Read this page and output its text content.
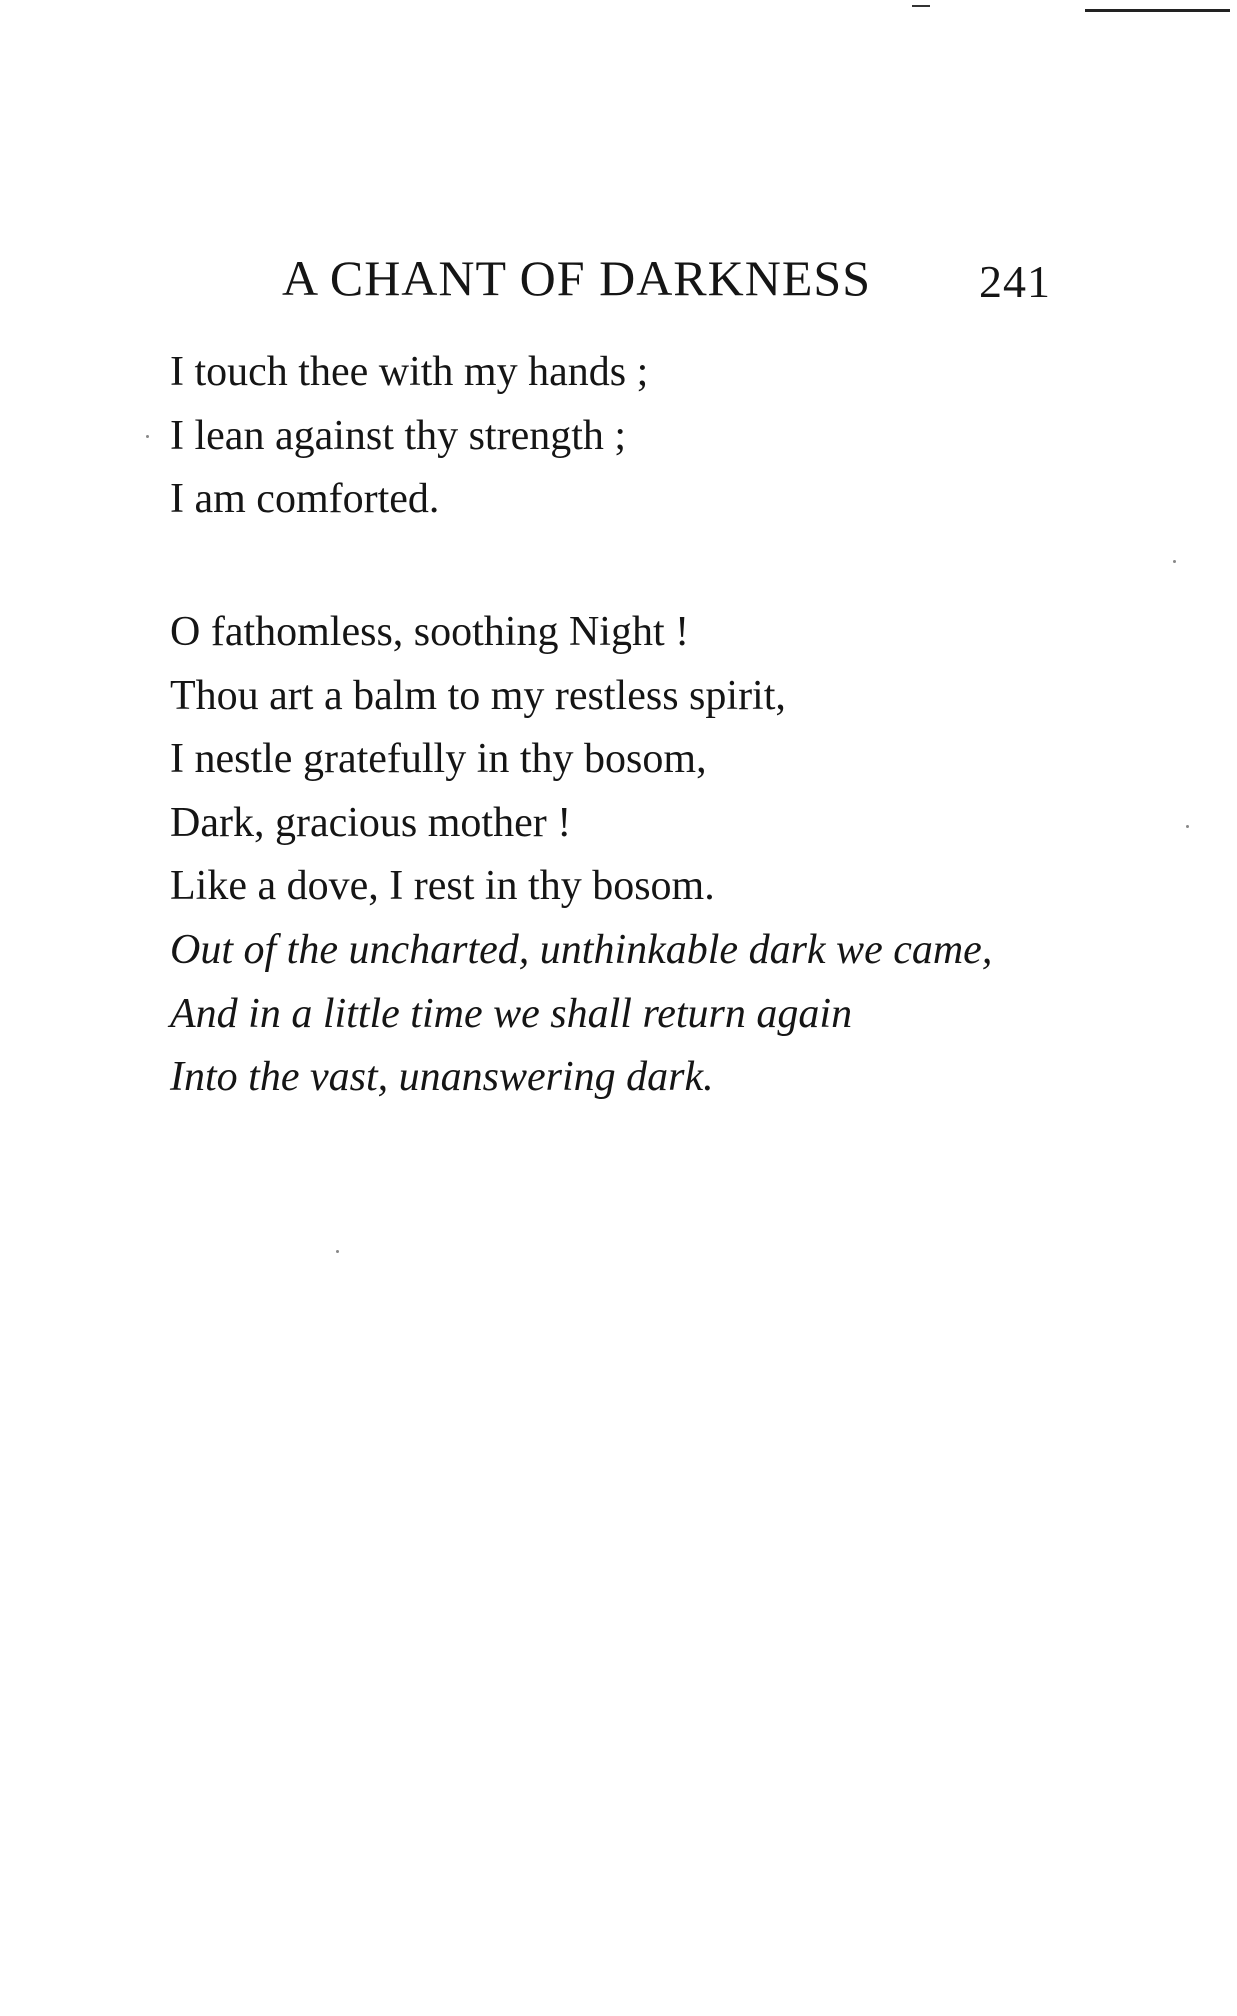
A CHANT OF DARKNESS 241
I touch thee with my hands ;
I lean against thy strength ;
I am comforted.
O fathomless, soothing Night !
Thou art a balm to my restless spirit,
I nestle gratefully in thy bosom,
Dark, gracious mother !
Like a dove, I rest in thy bosom.
Out of the uncharted, unthinkable dark we came,
And in a little time we shall return again
Into the vast, unanswering dark.
